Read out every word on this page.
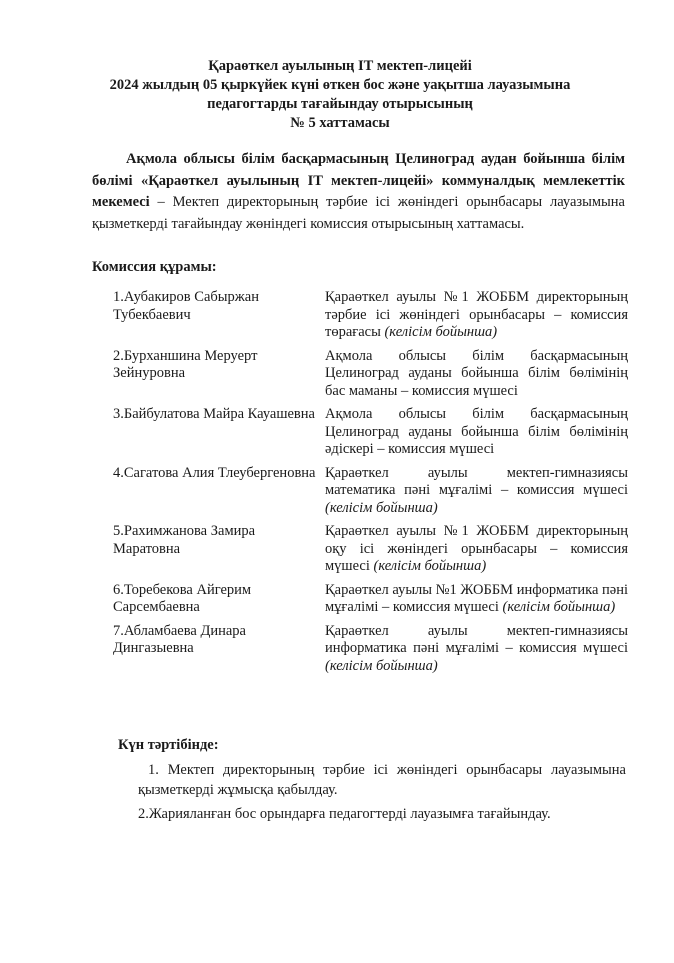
Қараөткел ауылының IT мектеп-лицейі
2024 жылдың 05 қыркүйек күні өткен бос және уақытша лауазымына
педагогтарды тағайындау отырысының
№ 5 хаттамасы

Ақмола облысы білім басқармасының Целиноград аудан бойынша білім бөлімі «Қараөткел ауылының IT мектеп-лицейі» коммуналдық мемлекеттік мекемесі – Мектеп директорының тәрбие ісі жөніндегі орынбасары лауазымына қызметкерді тағайындау жөніндегі комиссия отырысының хаттамасы.

Комиссия құрамы:
1.Аубакиров Сабыржан Тубекбаевич	Қараөткел ауылы №1 ЖОББМ директорының тәрбие ісі жөніндегі орынбасары – комиссия төрағасы (келісім бойынша)
2.Бурханшина Меруерт Зейнуровна	Ақмола облысы білім басқармасының Целиноград ауданы бойынша білім бөлімінің бас маманы – комиссия мүшесі
3.Байбулатова Майра Кауашевна	Ақмола облысы білім басқармасының Целиноград ауданы бойынша білім бөлімінің әдіскері – комиссия мүшесі
4.Сагатова Алия Тлеубергеновна	Қараөткел ауылы мектеп-гимназиясы математика пәні мұғалімі – комиссия мүшесі (келісім бойынша)
5.Рахимжанова Замира Маратовна	Қараөткел ауылы №1 ЖОББМ директорының оқу ісі жөніндегі орынбасары – комиссия мүшесі (келісім бойынша)
6.Торебекова Айгерим Сарсембаевна	Қараөткел ауылы №1 ЖОББМ информатика пәні мұғалімі – комиссия мүшесі (келісім бойынша)
7.Абламбаева Динара Дингазыевна	Қараөткел ауылы мектеп-гимназиясы информатика пәні мұғалімі – комиссия мүшесі (келісім бойынша)
Күн тәртібінде:

1. Мектеп директорының тәрбие ісі жөніндегі орынбасары лауазымына қызметкерді жұмысқа қабылдау.

2.Жарияланған бос орындарға педагогтерді лауазымға тағайындау.
